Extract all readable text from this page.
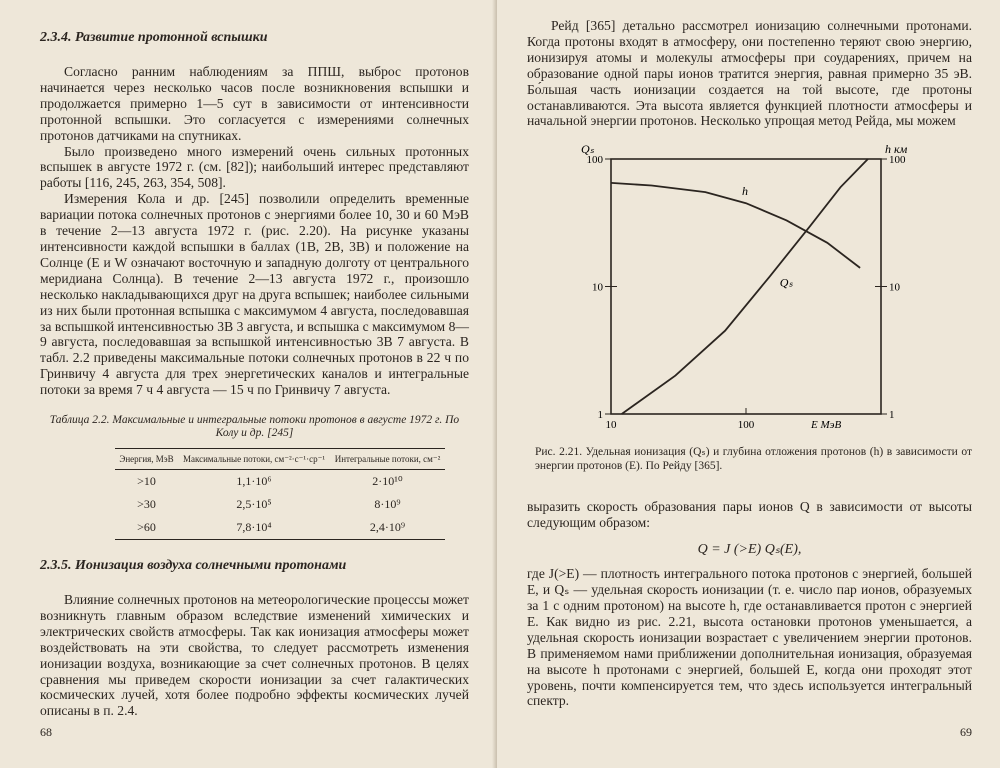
2.3.4. Развитие протонной вспышки

Согласно ранним наблюдениям за ППШ, выброс протонов начинается через несколько часов после возникновения вспышки и продолжается примерно 1—5 сут в зависимости от интенсивности протонной вспышки. Это согласуется с измерениями солнечных протонов датчиками на спутниках.

Было произведено много измерений очень сильных протонных вспышек в августе 1972 г. (см. [82]); наибольший интерес представляют работы [116, 245, 263, 354, 508].

Измерения Кола и др. [245] позволили определить временные вариации потока солнечных протонов с энергиями более 10, 30 и 60 МэВ в течение 2—13 августа 1972 г. (рис. 2.20). На рисунке указаны интенсивности каждой вспышки в баллах (1В, 2В, 3В) и положение на Солнце (Е и W означают восточную и западную долготу от центрального меридиана Солнца). В течение 2—13 августа 1972 г., произошло несколько накладывающихся друг на друга вспышек; наиболее сильными из них были протонная вспышка с максимумом 4 августа, последовавшая за вспышкой интенсивностью 3В 3 августа, и вспышка с максимумом 8—9 августа, последовавшая за вспышкой интенсивностью 3В 7 августа. В табл. 2.2 приведены максимальные потоки солнечных протонов в 22 ч по Гринвичу 4 августа для трех энергетических каналов и интегральные потоки за время 7 ч 4 августа — 15 ч по Гринвичу 7 августа.

Таблица 2.2. Максимальные и интегральные потоки протонов в августе 1972 г. По Колу и др. [245]
Энергия, МэВ	Максимальные потоки, см⁻²·с⁻¹·ср⁻¹	Интегральные потоки, см⁻²
>10	1,1·10⁶	2·10¹⁰
>30	2,5·10⁵	8·10⁹
>60	7,8·10⁴	2,4·10⁹

2.3.5. Ионизация воздуха солнечными протонами

Влияние солнечных протонов на метеорологические процессы может возникнуть главным образом вследствие изменений химических и электрических свойств атмосферы. Так как ионизация атмосферы может воздействовать на эти свойства, то следует рассмотреть изменения ионизации воздуха, возникающие за счет солнечных протонов. В целях сравнения мы приведем скорости ионизации за счет галактических космических лучей, хотя более подробно эффекты космических лучей описаны в п. 2.4.

68

Рейд [365] детально рассмотрел ионизацию солнечными протонами. Когда протоны входят в атмосферу, они постепенно теряют свою энергию, ионизируя атомы и молекулы атмосферы при соударениях, причем на образование одной пары ионов тратится энергия, равная примерно 35 эВ. Бо́льшая часть ионизации создается на той высоте, где протоны останавливаются. Эта высота является функцией плотности атмосферы и начальной энергии протонов. Несколько упрощая метод Рейда, мы можем

1	1
10	10
100	100
10	100	E МэВ
Qₛ	h км
h
Qₛ
Рис. 2.21. Удельная ионизация (Qₛ) и глубина отложения протонов (h) в зависимости от энергии протонов (E). По Рейду [365].

выразить скорость образования пары ионов Q в зависимости от высоты следующим образом:

Q = J (>E) Qₛ(E),

где J(>E) — плотность интегрального потока протонов с энергией, большей E, и Qₛ — удельная скорость ионизации (т. е. число пар ионов, образуемых за 1 с одним протоном) на высоте h, где останавливается протон с энергией E. Как видно из рис. 2.21, высота остановки протонов уменьшается, а удельная скорость ионизации возрастает с увеличением энергии протонов. В применяемом нами приближении дополнительная ионизация, образуемая на высоте h протонами с энергией, большей E, когда они проходят этот уровень, почти компенсируется тем, что здесь используется интегральный спектр.

69
